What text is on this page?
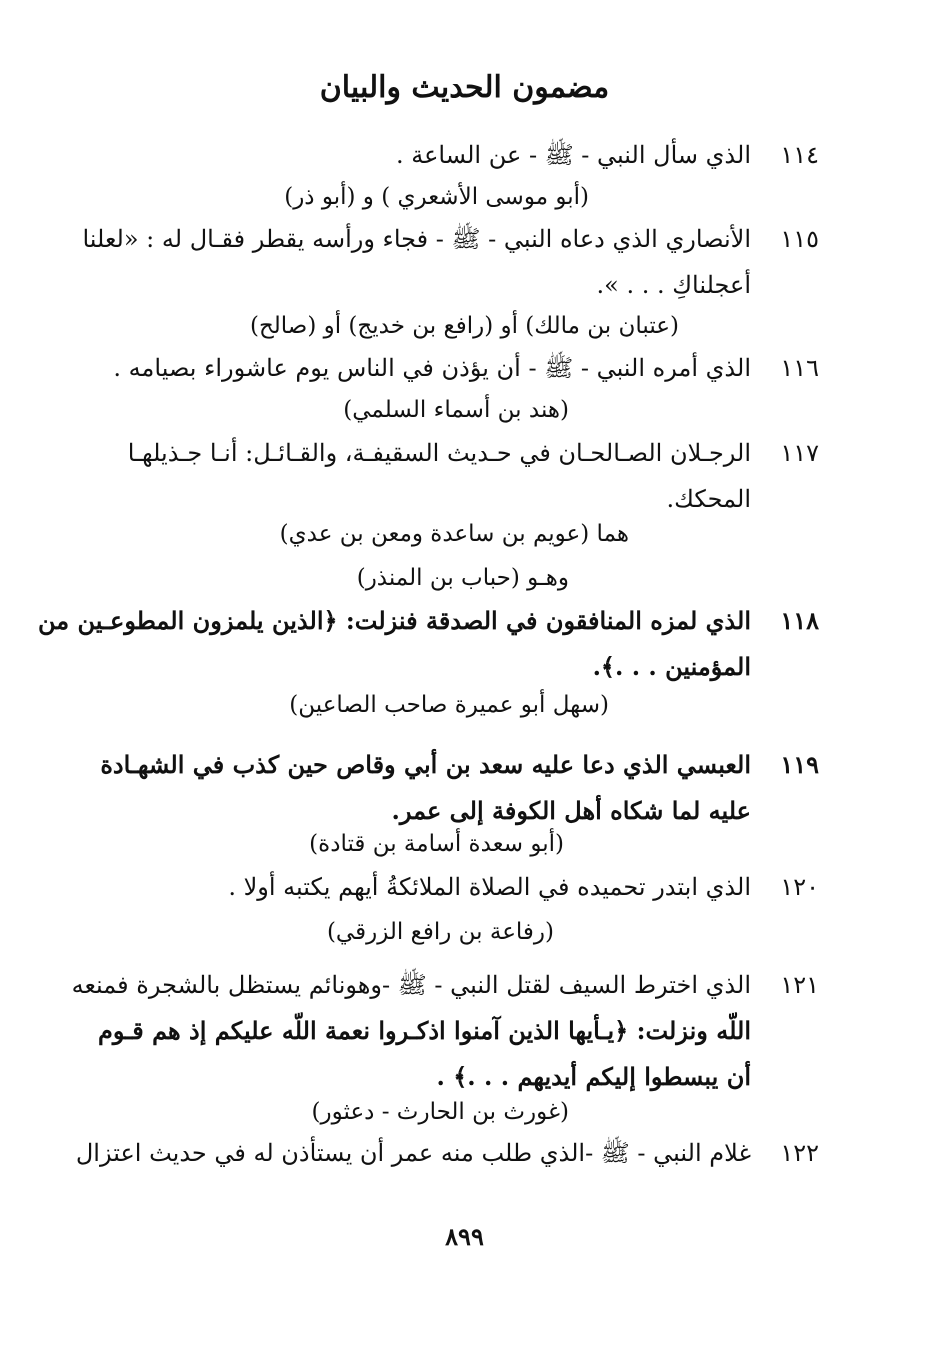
مضمون الحديث والبيان
١١٤
الذي سأل النبي - ﷺ - عن الساعة .
(أبو موسى الأشعري ) و (أبو ذر)
١١٥
الأنصاري الذي دعاه النبي - ﷺ - فجاء ورأسه يقطر فقـال له : «لعلنا
أعجلناكِ . . . ».
(عتبان بن مالك) أو (رافع بن خديج) أو (صالح)
١١٦
الذي أمره النبي - ﷺ - أن يؤذن في الناس يوم عاشوراء بصيامه .
(هند بن أسماء السلمي)
١١٧
الرجـلان الصـالحـان في حـديث السقيفـة، والقـائـل: أنـا جـذيلهـا
المحكك.
هما (عويم بن ساعدة ومعن بن عدي)
وهـو (حباب بن المنذر)
١١٨
الذي لمزه المنافقون في الصدقة فنزلت: ﴿الذين يلمزون المطوعـين من
المؤمنين . . .﴾.
(سهل أبو عميرة صاحب الصاعين)
١١٩
العبسي الذي دعا عليه سعد بن أبي وقاص حين كذب في الشهـادة
عليه لما شكاه أهل الكوفة إلى عمر.
(أبو سعدة أسامة بن قتادة)
١٢٠
الذي ابتدر تحميده في الصلاة الملائكةُ أيهم يكتبه أولا .
(رفاعة بن رافع الزرقي)
١٢١
الذي اخترط السيف لقتل النبي - ﷺ -وهونائم يستظل بالشجرة فمنعه
اللّه ونزلت: ﴿يـأيها الذين آمنوا اذكـروا نعمة اللّه عليكم إذ هم قـوم
أن يبسطوا إليكم أيديهم . . .﴾ .
(غورث بن الحارث - دعثور)
١٢٢
غلام النبي - ﷺ -الذي طلب منه عمر أن يستأذن له في حديث اعتزال
٨٩٩
